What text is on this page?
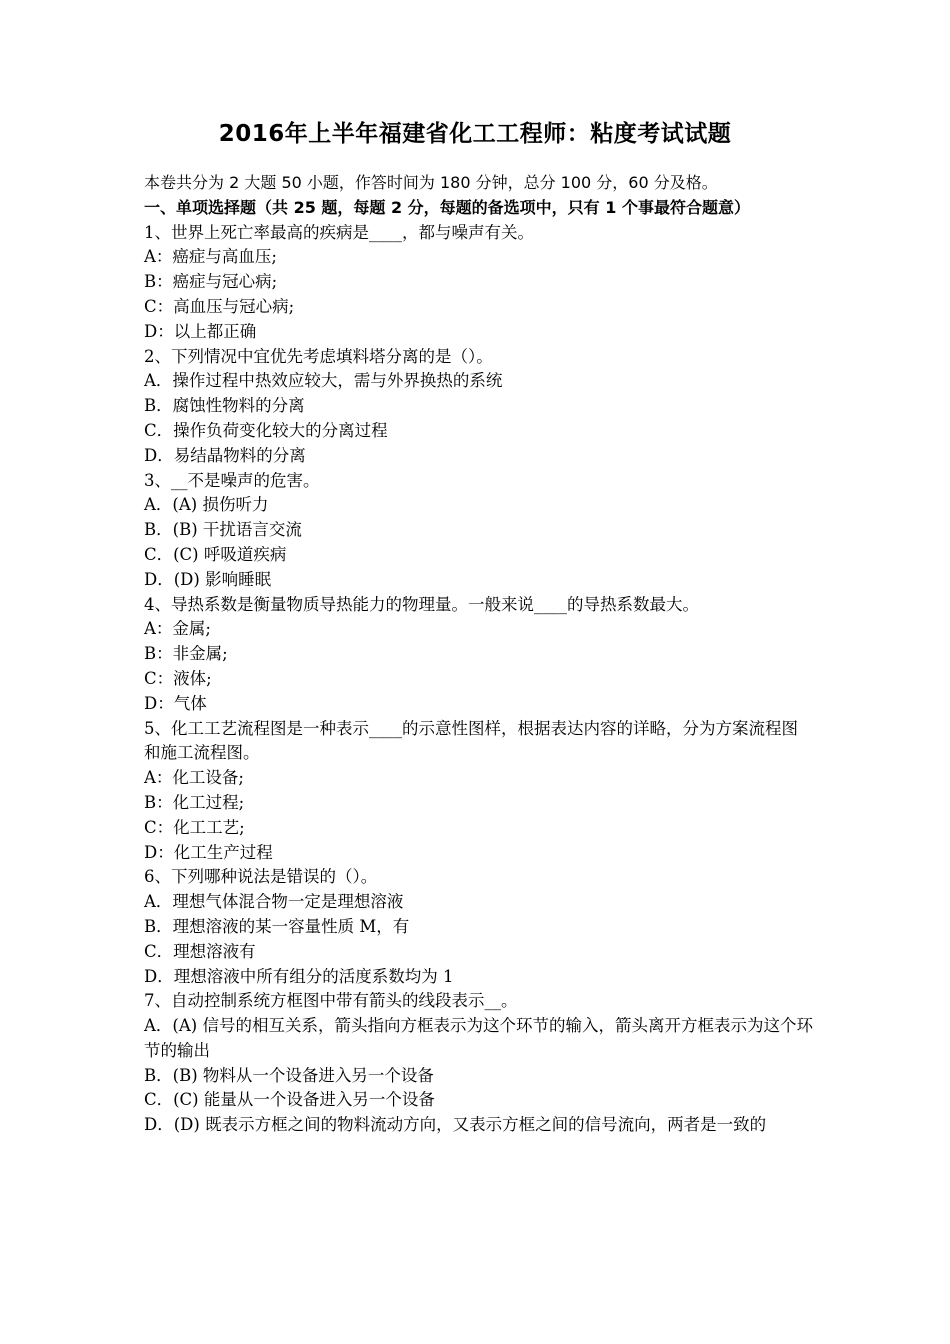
2016年上半年福建省化工工程师：粘度考试试题

本卷共分为 2 大题 50 小题，作答时间为 180 分钟，总分 100 分，60 分及格。

一、单项选择题（共 25 题，每题 2 分，每题的备选项中，只有 1 个事最符合题意）

1、世界上死亡率最高的疾病是____，都与噪声有关。

A：癌症与高血压;

B：癌症与冠心病;

C：高血压与冠心病;

D：以上都正确

2、下列情况中宜优先考虑填料塔分离的是（）。

A．操作过程中热效应较大，需与外界换热的系统

B．腐蚀性物料的分离

C．操作负荷变化较大的分离过程

D．易结晶物料的分离

3、__不是噪声的危害。

A．(A) 损伤听力

B．(B) 干扰语言交流

C．(C) 呼吸道疾病

D．(D) 影响睡眠

4、导热系数是衡量物质导热能力的物理量。一般来说____的导热系数最大。

A：金属;

B：非金属;

C：液体;

D：气体

5、化工工艺流程图是一种表示____的示意性图样，根据表达内容的详略，分为方案流程图和施工流程图。

A：化工设备;

B：化工过程;

C：化工工艺;

D：化工生产过程

6、下列哪种说法是错误的（）。

A．理想气体混合物一定是理想溶液

B．理想溶液的某一容量性质 M，有

C．理想溶液有

D．理想溶液中所有组分的活度系数均为 1

7、自动控制系统方框图中带有箭头的线段表示__。

A．(A) 信号的相互关系，箭头指向方框表示为这个环节的输入，箭头离开方框表示为这个环节的输出

B．(B) 物料从一个设备进入另一个设备

C．(C) 能量从一个设备进入另一个设备

D．(D) 既表示方框之间的物料流动方向，又表示方框之间的信号流向，两者是一致的
